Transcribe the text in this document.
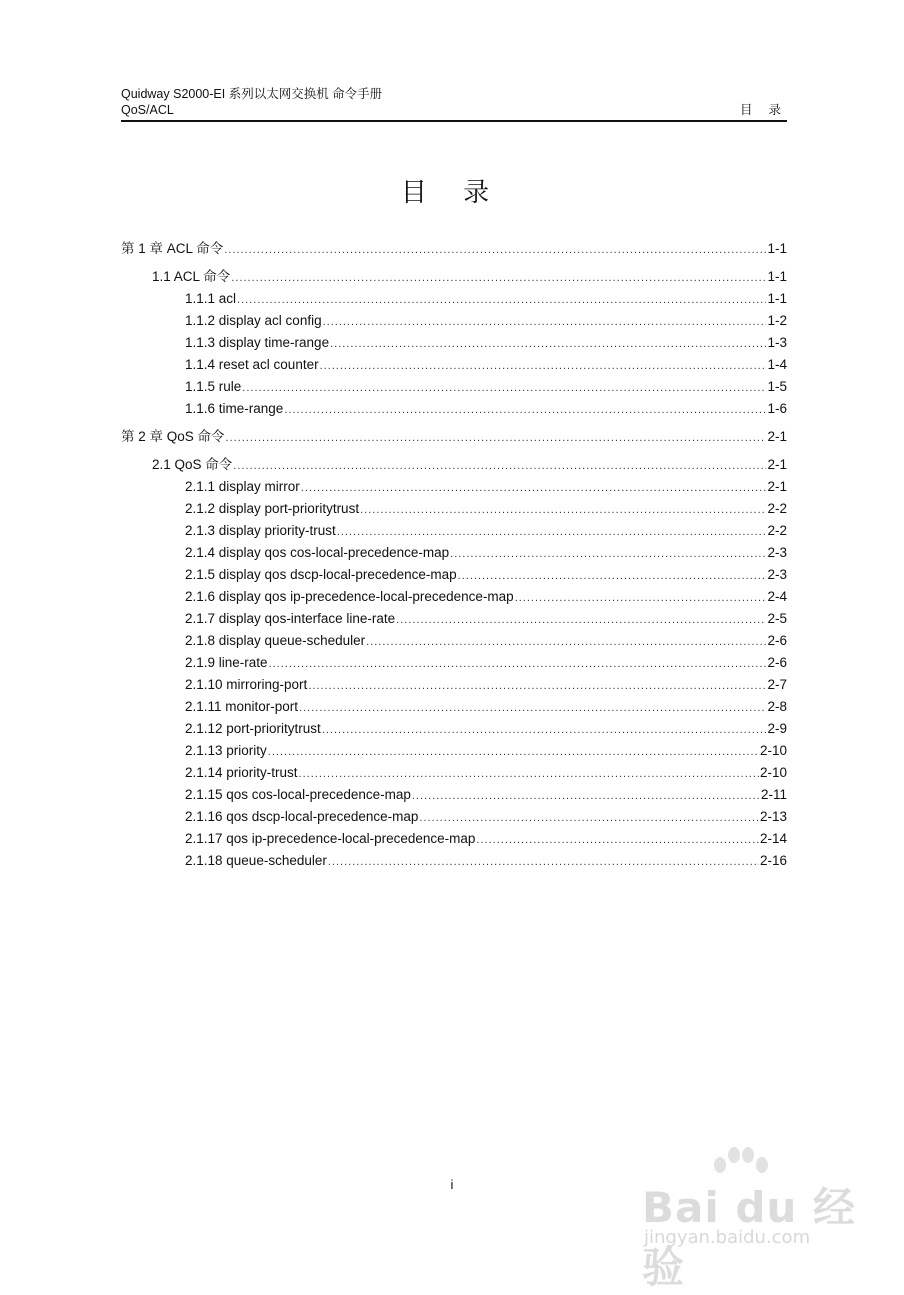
Quidway S2000-EI 系列以太网交换机 命令手册
QoS/ACL	目 录
目 录
第 1 章 ACL 命令 .....	1-1
1.1 ACL 命令 .....	1-1
1.1.1 acl .....	1-1
1.1.2 display acl config .....	1-2
1.1.3 display time-range .....	1-3
1.1.4 reset acl counter .....	1-4
1.1.5 rule .....	1-5
1.1.6 time-range .....	1-6
第 2 章 QoS 命令 .....	2-1
2.1 QoS 命令 .....	2-1
2.1.1 display mirror .....	2-1
2.1.2 display port-prioritytrust .....	2-2
2.1.3 display priority-trust .....	2-2
2.1.4 display qos cos-local-precedence-map .....	2-3
2.1.5 display qos dscp-local-precedence-map .....	2-3
2.1.6 display qos ip-precedence-local-precedence-map .....	2-4
2.1.7 display qos-interface line-rate .....	2-5
2.1.8 display queue-scheduler .....	2-6
2.1.9 line-rate .....	2-6
2.1.10 mirroring-port .....	2-7
2.1.11 monitor-port .....	2-8
2.1.12 port-prioritytrust .....	2-9
2.1.13 priority .....	2-10
2.1.14 priority-trust .....	2-10
2.1.15 qos cos-local-precedence-map .....	2-11
2.1.16 qos dscp-local-precedence-map .....	2-13
2.1.17 qos ip-precedence-local-precedence-map .....	2-14
2.1.18 queue-scheduler .....	2-16
i	Bai du 经验
jingyan.baidu.com
